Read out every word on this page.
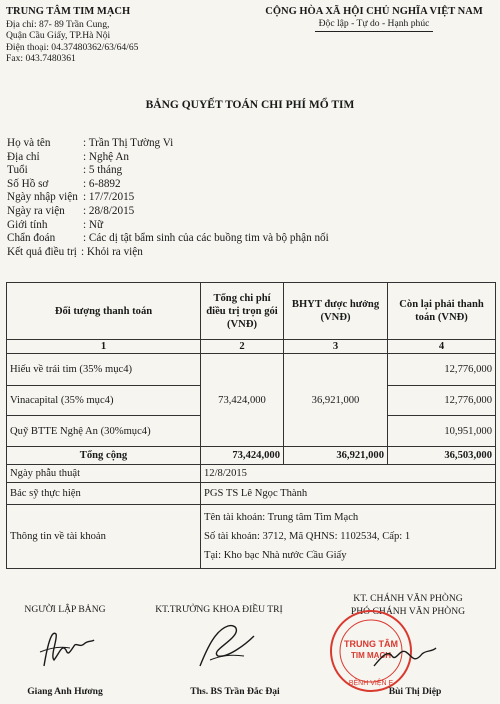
TRUNG TÂM TIM MẠCH
Địa chỉ: 87- 89 Trần Cung,
Quận Cầu Giấy, TP.Hà Nội
Điện thoại: 04.37480362/63/64/65
Fax: 043.7480361
CỘNG HÒA XÃ HỘI CHỦ NGHĨA VIỆT NAM
Độc lập - Tự do - Hạnh phúc
BẢNG QUYẾT TOÁN CHI PHÍ MỔ TIM
Họ và tên	: Trần Thị Tường Vi
Địa chỉ	: Nghệ An
Tuổi	: 5 tháng
Số Hồ sơ	: 6-8892
Ngày nhập viện : 17/7/2015
Ngày ra viện	: 28/8/2015
Giới tính	: Nữ
Chẩn đoán	: Các dị tật bẩm sinh của các buồng tim và bộ phận nối
Kết quả điều trị : Khỏi ra viện
Đối tượng thanh toán	Tổng chi phí điều trị trọn gói (VNĐ)	BHYT được hưởng (VNĐ)	Còn lại phải thanh toán (VNĐ)
1	2	3	4
Hiếu về trái tim (35% mục4)	73,424,000	36,921,000	12,776,000
Vinacapital (35% mục4)			12,776,000
Quỹ BTTE Nghệ An (30%mục4)			10,951,000
Tổng cộng	73,424,000	36,921,000	36,503,000
Ngày phẫu thuật	12/8/2015		
Bác sỹ thực hiện	PGS TS Lê Ngọc Thành		
Thông tin về tài khoản	Tên tài khoản: Trung tâm Tim Mạch
Số tài khoản: 3712, Mã QHNS: 1102534, Cấp: 1
Tại: Kho bạc Nhà nước Cầu Giấy		
NGƯỜI LẬP BẢNG	KT.TRƯỞNG KHOA ĐIỀU TRỊ
KT. CHÁNH VĂN PHÒNG
PHÓ CHÁNH VĂN PHÒNG
Giang Anh Hương	Ths. BS Trần Đắc Đại	Bùi Thị Diệp
TRUNG TÂM
TIM MẠCH
BỆNH VIỆN E
